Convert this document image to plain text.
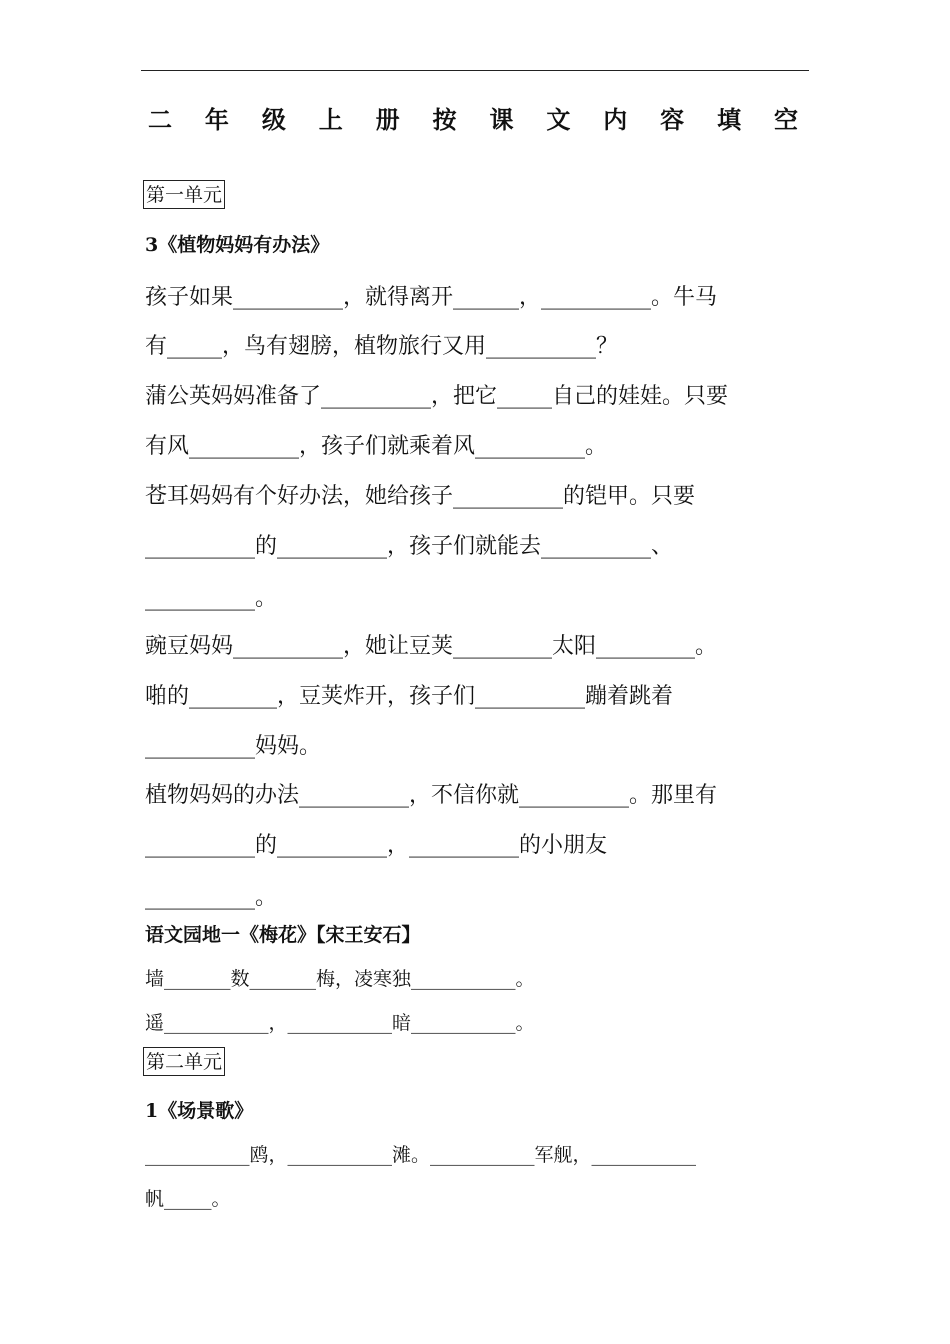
二 年 级 上 册 按 课 文 内 容 填 空
第一单元
3《植物妈妈有办法》
孩子如果__________，就得离开______，__________。牛马
有_____，鸟有翅膀，植物旅行又用__________？
蒲公英妈妈准备了__________，把它_____自己的娃娃。只要
有风__________，孩子们就乘着风__________。
苍耳妈妈有个好办法，她给孩子__________的铠甲。只要
__________的__________，孩子们就能去__________、
__________。
豌豆妈妈__________，她让豆荚_________太阳_________。
啪的________，豆荚炸开，孩子们__________蹦着跳着
__________妈妈。
植物妈妈的办法__________，不信你就__________。那里有
__________的__________，__________的小朋友
__________。
语文园地一《梅花》【宋王安石】
墙_______数_______梅，凌寒独___________。
遥___________，___________暗___________。
第二单元
1《场景歌》
___________鸥，___________滩。___________军舰，___________
帆_____。
